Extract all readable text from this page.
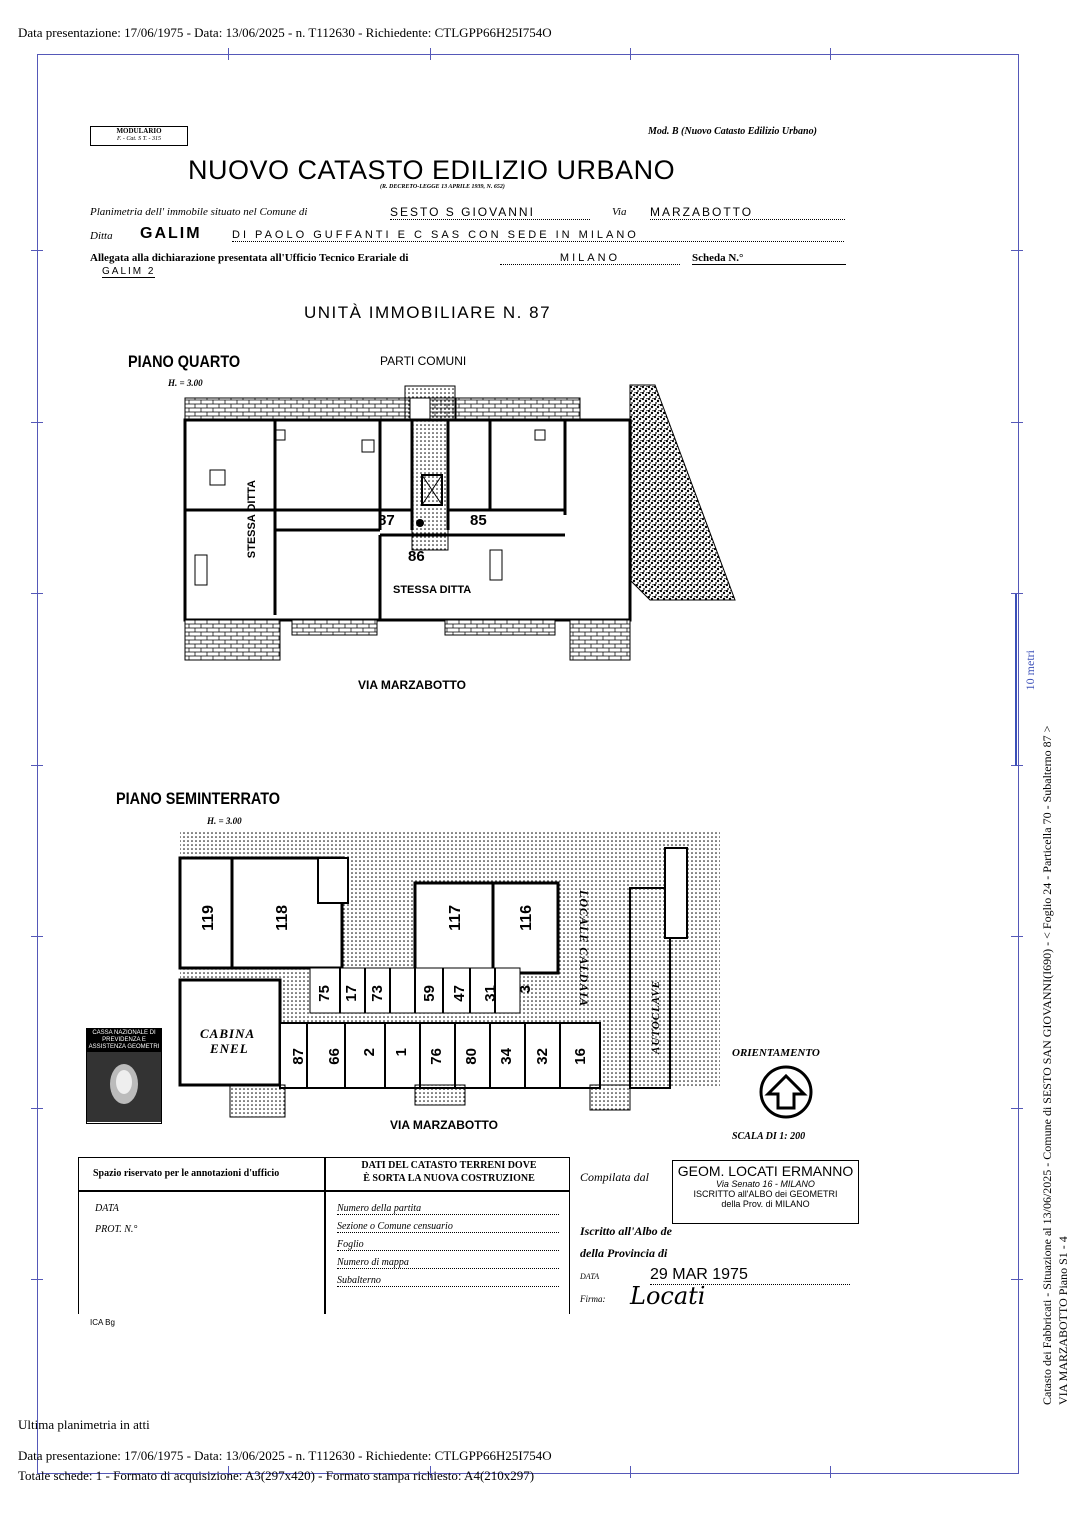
Data presentazione: 17/06/1975 - Data: 13/06/2025 - n. T112630 - Richiedente: CTLGPP66H25I754O
MODULARIO
F. - Cat. S T. - 315
Mod. B (Nuovo Catasto Edilizio Urbano)
NUOVO CATASTO EDILIZIO URBANO
(R. DECRETO-LEGGE 13 APRILE 1939, N. 652)
Planimetria dell' immobile situato nel Comune di	SESTO S GIOVANNI	Via MARZABOTTO
Ditta GALIM	DI PAOLO GUFFANTI E C SAS CON SEDE IN MILANO
Allegata alla dichiarazione presentata all'Ufficio Tecnico Erariale di	MILANO	Scheda N.°
GALIM 2
UNITÀ IMMOBILIARE N. 87
PIANO QUARTO
H. = 3.00
PARTI COMUNI
STESSA DITTA
STESSA DITTA
87	85
86
VIA MARZABOTTO
PIANO SEMINTERRATO
H. = 3.00
119	118	117	116
75 17 73 59 47 31 3
87 66 2 1 76 80 34 32 16
CABINA
ENEL
LOCALE CALDAIA
AUTOCLAVE
VIA MARZABOTTO
CASSA NAZIONALE DI PREVIDENZA E ASSISTENZA GEOMETRI	ORIENTAMENTO
SCALA DI 1: 200
Spazio riservato per le annotazioni d'ufficio
DATI DEL CATASTO TERRENI DOVE
È SORTA LA NUOVA COSTRUZIONE
DATA
PROT. N.°
Numero della partita
Sezione o Comune censuario
Foglio
Numero di mappa
Subalterno
Compilata dal	GEOM. LOCATI ERMANNO
Via Senato 16 - MILANO
ISCRITTO all'ALBO dei GEOMETRI
della Prov. di MILANO
Iscritto all'Albo de
della Provincia di
DATA	29 MAR 1975
Firma: Locati
ICA Bg	Catasto dei Fabbricati - Situazione al 13/06/2025 - Comune di SESTO SAN GIOVANNI(I690) - < Foglio 24 - Particella 70 - Subalterno 87 > VIA MARZABOTTO Piano S1 - 4
10 metri
Ultima planimetria in atti
Data presentazione: 17/06/1975 - Data: 13/06/2025 - n. T112630 - Richiedente: CTLGPP66H25I754O
Totale schede: 1 - Formato di acquisizione: A3(297x420) - Formato stampa richiesto: A4(210x297)
